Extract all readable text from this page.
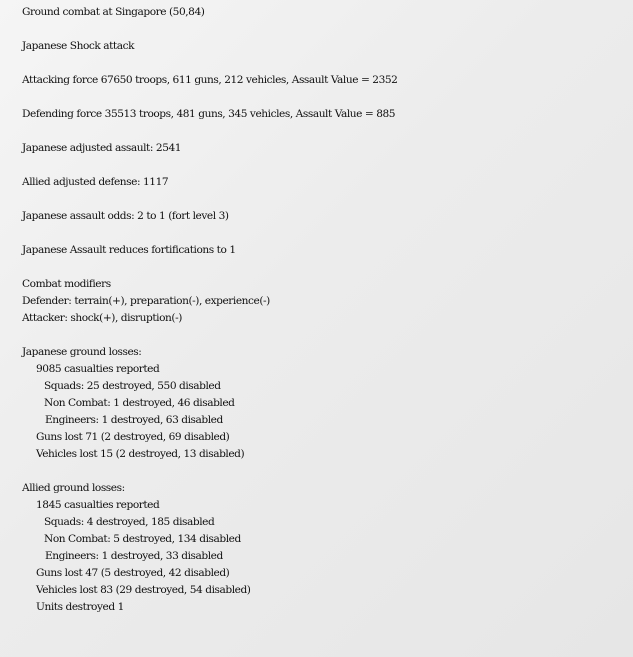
Ground combat at Singapore (50,84)
Japanese Shock attack
Attacking force 67650 troops, 611 guns, 212 vehicles, Assault Value = 2352
Defending force 35513 troops, 481 guns, 345 vehicles, Assault Value = 885
Japanese adjusted assault: 2541
Allied adjusted defense: 1117
Japanese assault odds: 2 to 1 (fort level 3)
Japanese Assault reduces fortifications to 1
Combat modifiers
Defender: terrain(+), preparation(-), experience(-)
Attacker: shock(+), disruption(-)
Japanese ground losses:
9085 casualties reported
Squads: 25 destroyed, 550 disabled
Non Combat: 1 destroyed, 46 disabled
Engineers: 1 destroyed, 63 disabled
Guns lost 71 (2 destroyed, 69 disabled)
Vehicles lost 15 (2 destroyed, 13 disabled)
Allied ground losses:
1845 casualties reported
Squads: 4 destroyed, 185 disabled
Non Combat: 5 destroyed, 134 disabled
Engineers: 1 destroyed, 33 disabled
Guns lost 47 (5 destroyed, 42 disabled)
Vehicles lost 83 (29 destroyed, 54 disabled)
Units destroyed 1
